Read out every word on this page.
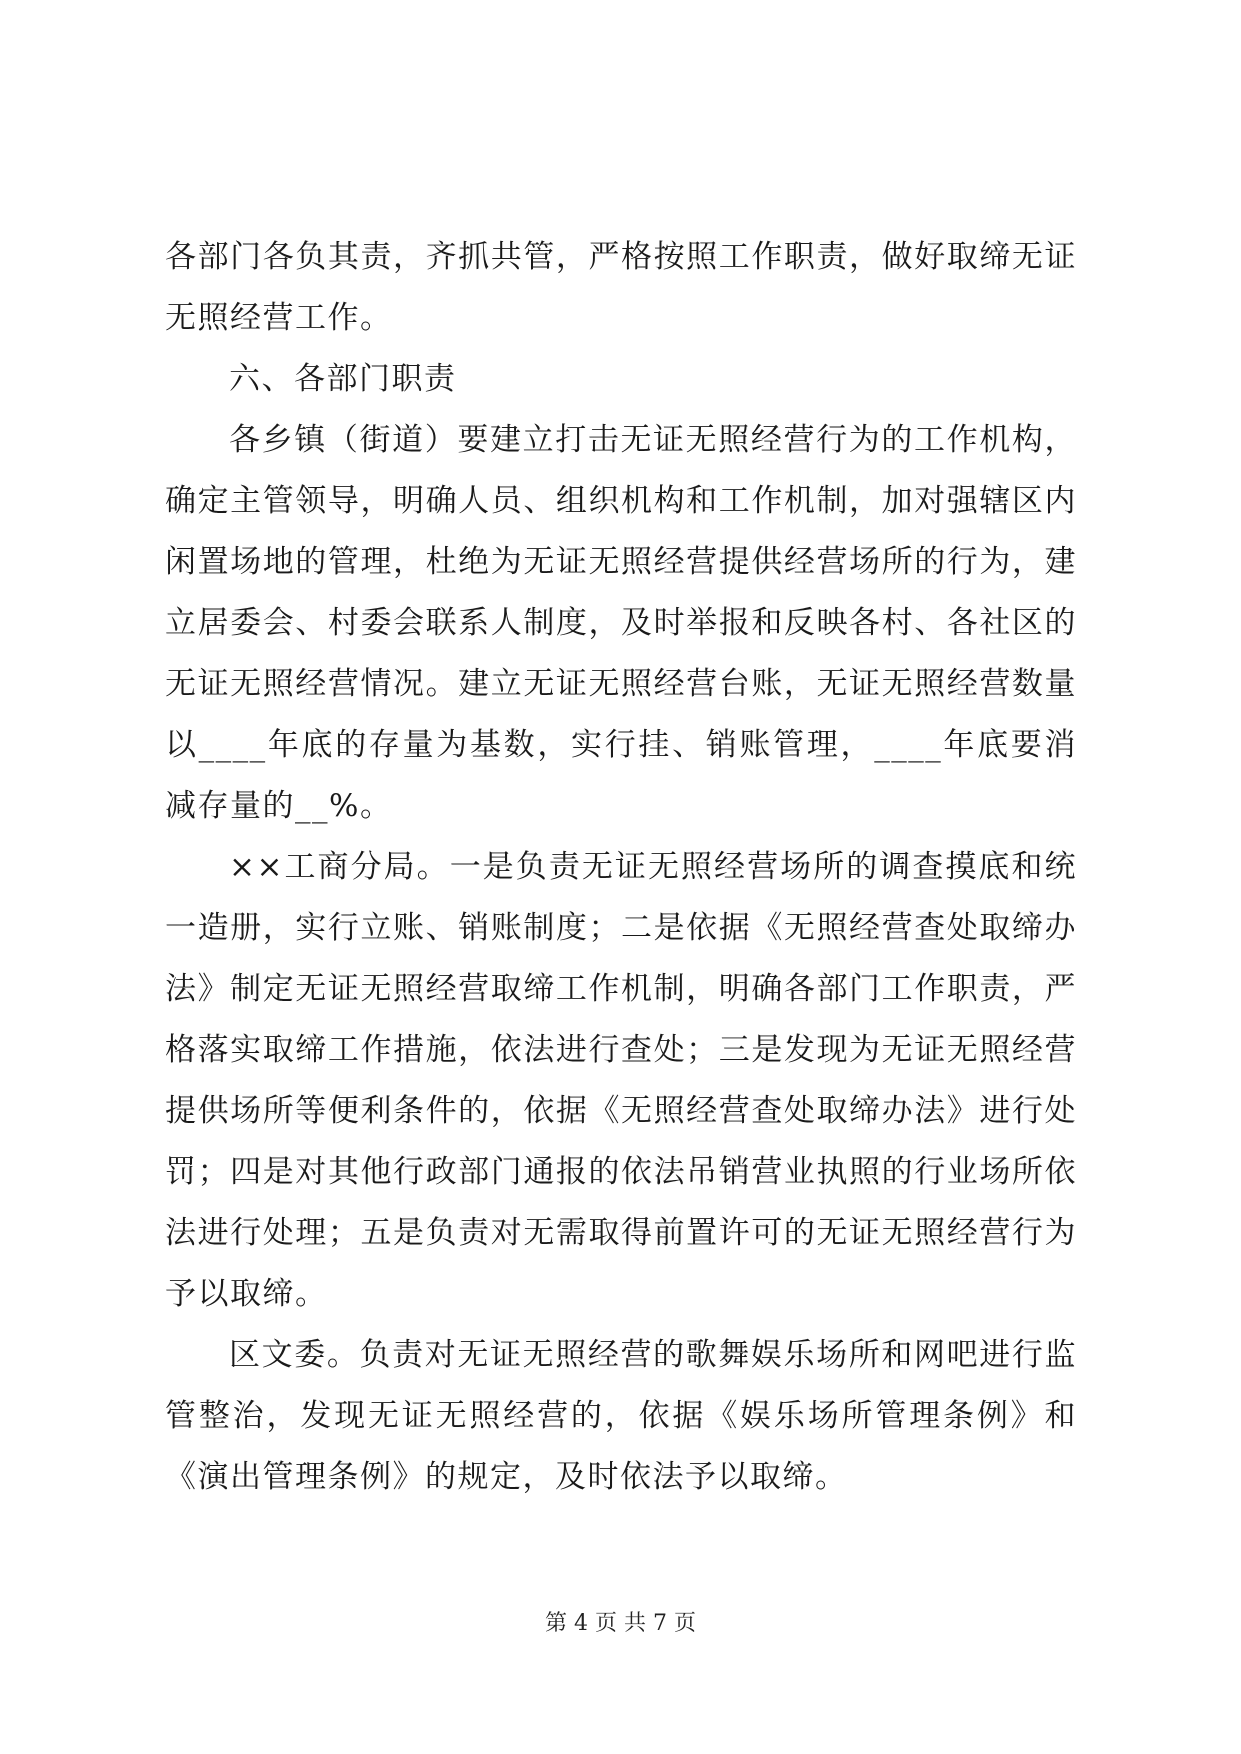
各部门各负其责，齐抓共管，严格按照工作职责，做好取缔无证无照经营工作。

六、各部门职责

各乡镇（街道）要建立打击无证无照经营行为的工作机构，确定主管领导，明确人员、组织机构和工作机制，加对强辖区内闲置场地的管理，杜绝为无证无照经营提供经营场所的行为，建立居委会、村委会联系人制度，及时举报和反映各村、各社区的无证无照经营情况。建立无证无照经营台账，无证无照经营数量以____年底的存量为基数，实行挂、销账管理，____年底要消减存量的__%。

××工商分局。一是负责无证无照经营场所的调查摸底和统一造册，实行立账、销账制度；二是依据《无照经营查处取缔办法》制定无证无照经营取缔工作机制，明确各部门工作职责，严格落实取缔工作措施，依法进行查处；三是发现为无证无照经营提供场所等便利条件的，依据《无照经营查处取缔办法》进行处罚；四是对其他行政部门通报的依法吊销营业执照的行业场所依法进行处理；五是负责对无需取得前置许可的无证无照经营行为予以取缔。

区文委。负责对无证无照经营的歌舞娱乐场所和网吧进行监管整治，发现无证无照经营的，依据《娱乐场所管理条例》和《演出管理条例》的规定，及时依法予以取缔。

第 4 页 共 7 页
